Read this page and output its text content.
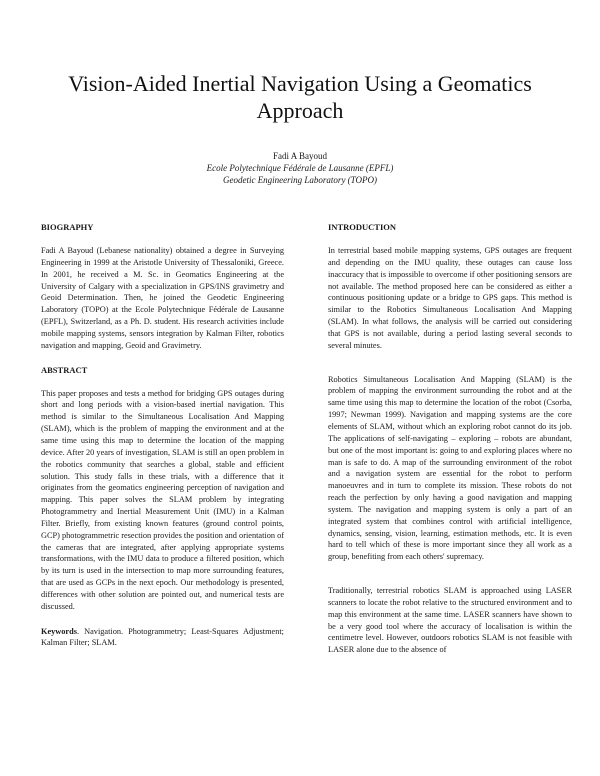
Vision-Aided Inertial Navigation Using a Geomatics Approach
Fadi A Bayoud
Ecole Polytechnique Fédérale de Lausanne (EPFL)
Geodetic Engineering Laboratory (TOPO)
BIOGRAPHY

Fadi A Bayoud (Lebanese nationality) obtained a degree in Surveying Engineering in 1999 at the Aristotle University of Thessaloniki, Greece. In 2001, he received a M. Sc. in Geomatics Engineering at the University of Calgary with a specialization in GPS/INS gravimetry and Geoid Determination. Then, he joined the Geodetic Engineering Laboratory (TOPO) at the Ecole Polytechnique Fédérale de Lausanne (EPFL), Switzerland, as a Ph. D. student. His research activities include mobile mapping systems, sensors integration by Kalman Filter, robotics navigation and mapping, Geoid and Gravimetry.

ABSTRACT

This paper proposes and tests a method for bridging GPS outages during short and long periods with a vision-based inertial navigation. This method is similar to the Simultaneous Localisation And Mapping (SLAM), which is the problem of mapping the environment and at the same time using this map to determine the location of the mapping device. After 20 years of investigation, SLAM is still an open problem in the robotics community that searches a global, stable and efficient solution. This study falls in these trials, with a difference that it originates from the geomatics engineering perception of navigation and mapping. This paper solves the SLAM problem by integrating Photogrammetry and Inertial Measurement Unit (IMU) in a Kalman Filter. Briefly, from existing known features (ground control points, GCP) photogrammetric resection provides the position and orientation of the cameras that are integrated, after applying appropriate systems transformations, with the IMU data to produce a filtered position, which by its turn is used in the intersection to map more surrounding features, that are used as GCPs in the next epoch. Our methodology is presented, differences with other solution are pointed out, and numerical tests are discussed.

Keywords. Navigation. Photogrammetry; Least-Squares Adjustment; Kalman Filter; SLAM.

INTRODUCTION

In terrestrial based mobile mapping systems, GPS outages are frequent and depending on the IMU quality, these outages can cause loss inaccuracy that is impossible to overcome if other positioning sensors are not available. The method proposed here can be considered as either a continuous positioning update or a bridge to GPS gaps. This method is similar to the Robotics Simultaneous Localisation And Mapping (SLAM). In what follows, the analysis will be carried out considering that GPS is not available, during a period lasting several seconds to several minutes.

Robotics Simultaneous Localisation And Mapping (SLAM) is the problem of mapping the environment surrounding the robot and at the same time using this map to determine the location of the robot (Csorba, 1997; Newman 1999). Navigation and mapping systems are the core elements of SLAM, without which an exploring robot cannot do its job. The applications of self-navigating – exploring – robots are abundant, but one of the most important is: going to and exploring places where no man is safe to do. A map of the surrounding environment of the robot and a navigation system are essential for the robot to perform manoeuvres and in turn to complete its mission. These robots do not reach the perfection by only having a good navigation and mapping system. The navigation and mapping system is only a part of an integrated system that combines control with artificial intelligence, dynamics, sensing, vision, learning, estimation methods, etc. It is even hard to tell which of these is more important since they all work as a group, benefiting from each others' supremacy.

Traditionally, terrestrial robotics SLAM is approached using LASER scanners to locate the robot relative to the structured environment and to map this environment at the same time. LASER scanners have shown to be a very good tool where the accuracy of localisation is within the centimetre level. However, outdoors robotics SLAM is not feasible with LASER alone due to the absence of
